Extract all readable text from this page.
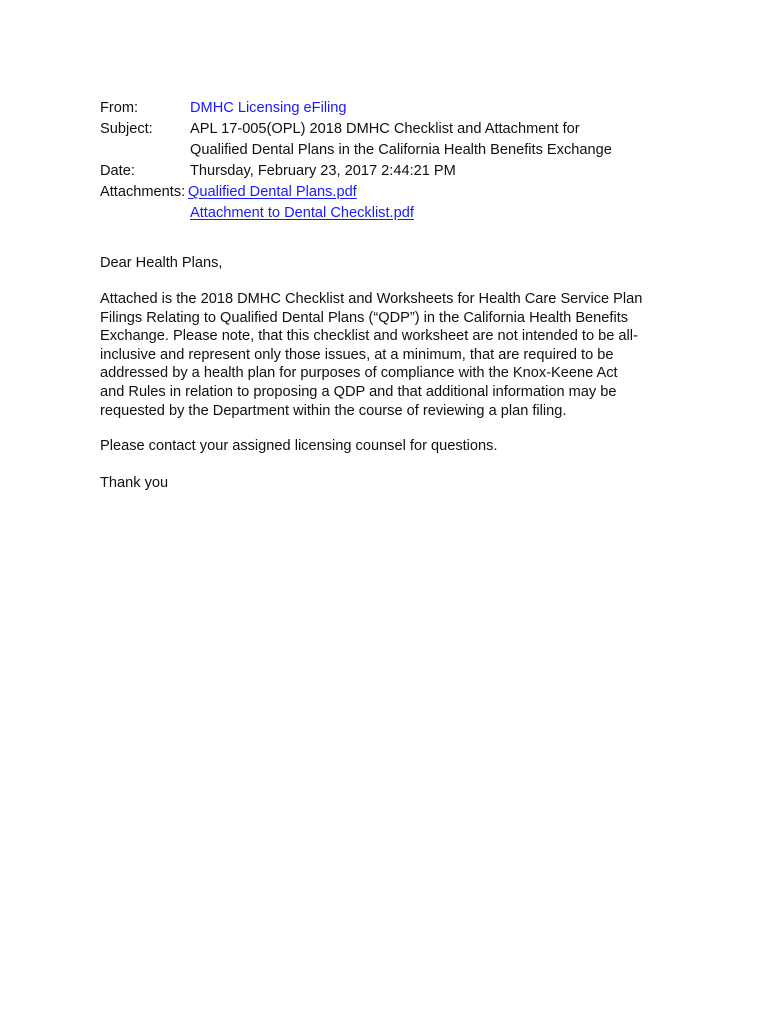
From:	DMHC Licensing eFiling
Subject:	APL 17-005(OPL) 2018 DMHC Checklist and Attachment for
Qualified Dental Plans in the California Health Benefits Exchange
Date:	Thursday, February 23, 2017 2:44:21 PM
Attachments: Qualified Dental Plans.pdf
Attachment to Dental Checklist.pdf
Dear Health Plans,
Attached is the 2018 DMHC Checklist and Worksheets for Health Care Service Plan
Filings Relating to Qualified Dental Plans (“QDP”) in the California Health Benefits
Exchange. Please note, that this checklist and worksheet are not intended to be all-
inclusive and represent only those issues, at a minimum, that are required to be
addressed by a health plan for purposes of compliance with the Knox-Keene Act
and Rules in relation to proposing a QDP and that additional information may be
requested by the Department within the course of reviewing a plan filing.
Please contact your assigned licensing counsel for questions.
Thank you
